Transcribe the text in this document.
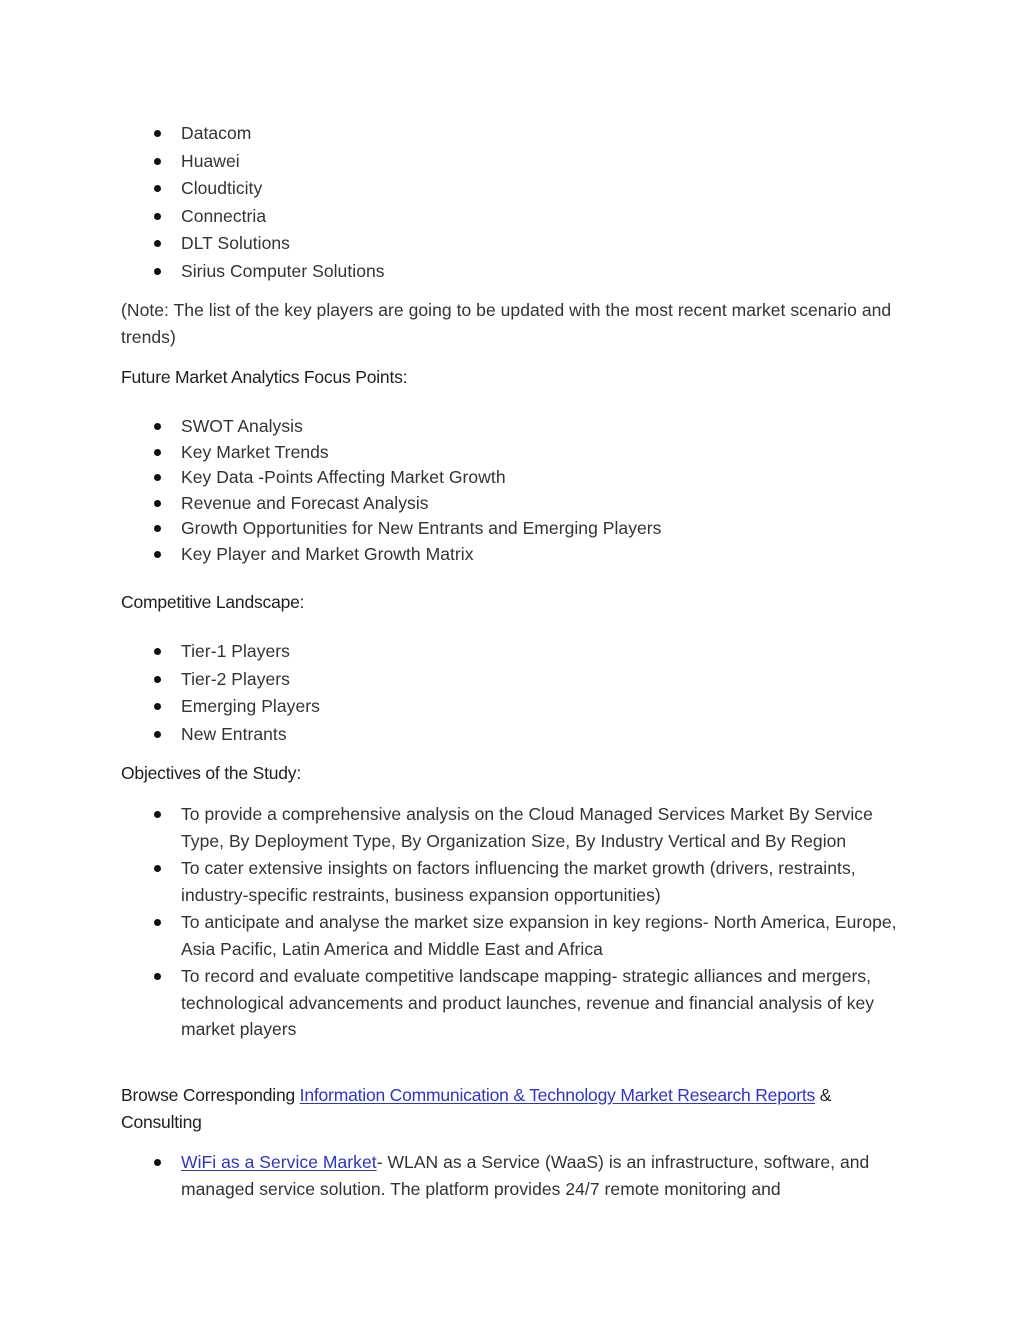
Datacom
Huawei
Cloudticity
Connectria
DLT Solutions
Sirius Computer Solutions

(Note: The list of the key players are going to be updated with the most recent market scenario and trends)

Future Market Analytics Focus Points:
SWOT Analysis
Key Market Trends
Key Data -Points Affecting Market Growth
Revenue and Forecast Analysis
Growth Opportunities for New Entrants and Emerging Players
Key Player and Market Growth Matrix
Competitive Landscape:
Tier-1 Players
Tier-2 Players
Emerging Players
New Entrants
Objectives of the Study:
To provide a comprehensive analysis on the Cloud Managed Services Market By Service Type, By Deployment Type, By Organization Size, By Industry Vertical and By Region
To cater extensive insights on factors influencing the market growth (drivers, restraints, industry-specific restraints, business expansion opportunities)
To anticipate and analyse the market size expansion in key regions- North America, Europe, Asia Pacific, Latin America and Middle East and Africa
To record and evaluate competitive landscape mapping- strategic alliances and mergers, technological advancements and product launches, revenue and financial analysis of key market players

Browse Corresponding Information Communication & Technology Market Research Reports & Consulting

WiFi as a Service Market- WLAN as a Service (WaaS) is an infrastructure, software, and managed service solution. The platform provides 24/7 remote monitoring and
